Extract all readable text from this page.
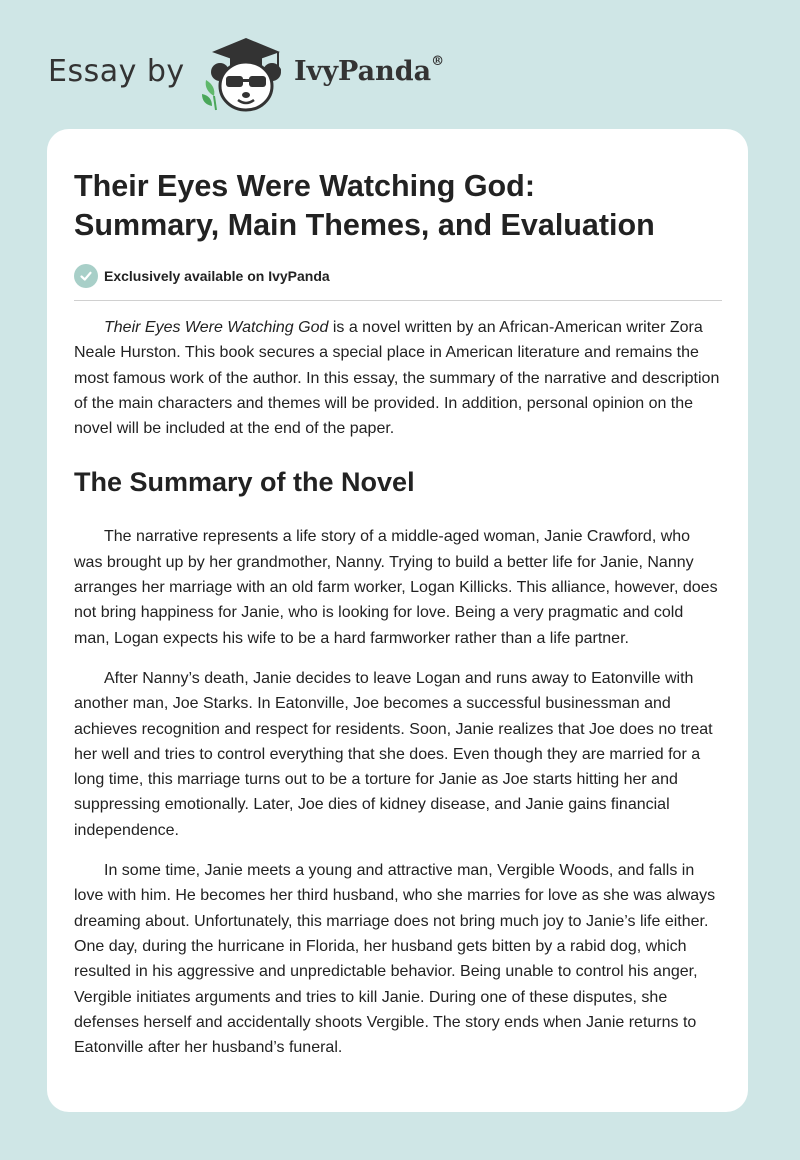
Essay by	IvyPanda®
Their Eyes Were Watching God:
Summary, Main Themes, and Evaluation
Exclusively available on IvyPanda

Their Eyes Were Watching God is a novel written by an African-American writer Zora Neale Hurston. This book secures a special place in American literature and remains the most famous work of the author. In this essay, the summary of the narrative and description of the main characters and themes will be provided. In addition, personal opinion on the novel will be included at the end of the paper.

The Summary of the Novel

The narrative represents a life story of a middle-aged woman, Janie Crawford, who was brought up by her grandmother, Nanny. Trying to build a better life for Janie, Nanny arranges her marriage with an old farm worker, Logan Killicks. This alliance, however, does not bring happiness for Janie, who is looking for love. Being a very pragmatic and cold man, Logan expects his wife to be a hard farmworker rather than a life partner.

After Nanny’s death, Janie decides to leave Logan and runs away to Eatonville with another man, Joe Starks. In Eatonville, Joe becomes a successful businessman and achieves recognition and respect for residents. Soon, Janie realizes that Joe does no treat her well and tries to control everything that she does. Even though they are married for a long time, this marriage turns out to be a torture for Janie as Joe starts hitting her and suppressing emotionally. Later, Joe dies of kidney disease, and Janie gains financial independence.

In some time, Janie meets a young and attractive man, Vergible Woods, and falls in love with him. He becomes her third husband, who she marries for love as she was always dreaming about. Unfortunately, this marriage does not bring much joy to Janie’s life either. One day, during the hurricane in Florida, her husband gets bitten by a rabid dog, which resulted in his aggressive and unpredictable behavior. Being unable to control his anger, Vergible initiates arguments and tries to kill Janie. During one of these disputes, she defenses herself and accidentally shoots Vergible. The story ends when Janie returns to Eatonville after her husband’s funeral.
